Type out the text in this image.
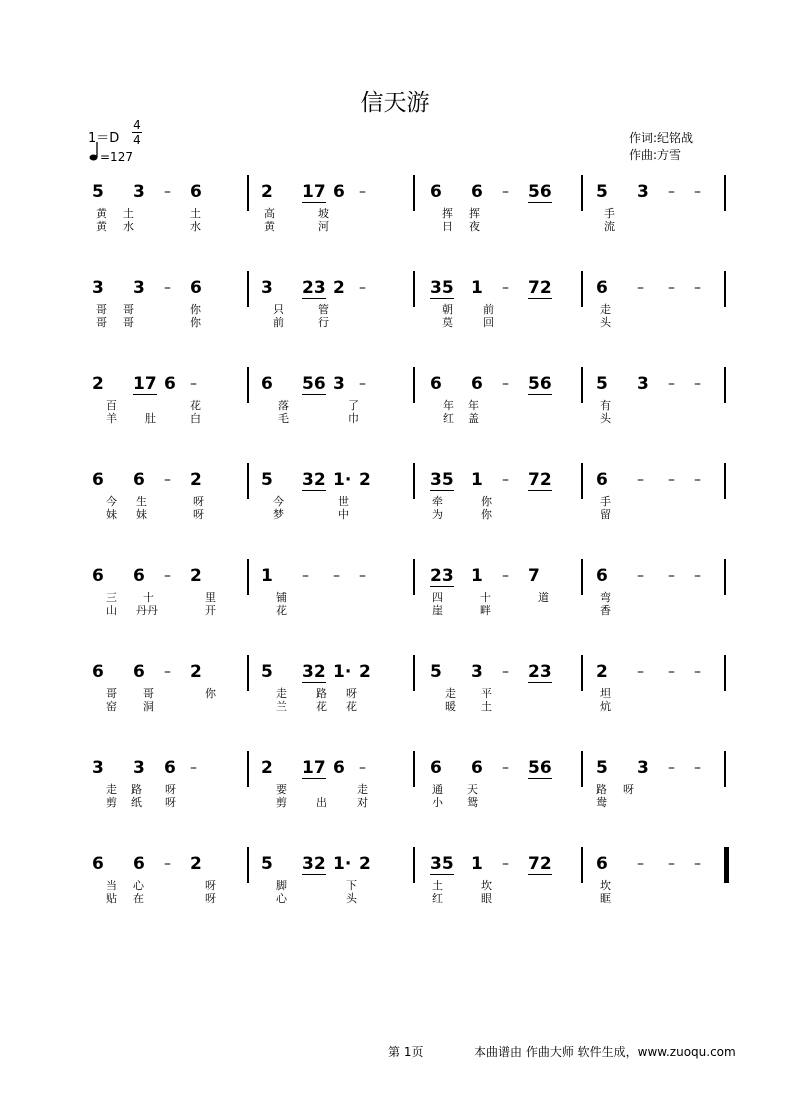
信天游
1＝D
4
4
=127
作词:纪铭战
作曲:方雪
5 3 – 6	2 17 6 –	6 6 – 56	5 3 – –
黄 土	土	高	坡	挥 挥	手
黄 水	水	黄	河	日 夜	流
3 3 – 6	3 23 2 –	35 1 – 72	6 – – –
哥 哥	你	只	管	朝	前	走
哥 哥	你	前	行	莫	回	头
2 17 6 –	6 56 3 –	6 6 – 56	5 3 – –
百	花	落	了	年 年	有
羊	肚	白	毛	巾	红 盖	头
6 6 – 2	5 32 1· 2	35 1 – 72	6 – – –
今 生	呀	今	世	牵	你	手
妹 妹	呀	梦	中	为	你	留
6 6 – 2	1 – – –	23 1 – 7	6 – – –
三 十	里	铺	四	十	道	弯
山 丹丹	开	花	崖	畔	香
6 6 – 2	5 32 1· 2	5 3 – 23	2 – – –
哥 哥	你	走	路 呀	走 平	坦
窑 洞	兰	花 花	暖 土	炕
3 3 6 –	2 17 6 –	6 6 – 56	5 3 – –
走 路 呀	要	走	通 天	路 呀
剪 纸 呀	剪	出	对	小 鸳	鸯
6 6 – 2	5 32 1· 2	35 1 – 72	6 – – –
当 心	呀	脚	下	土	坎	坎
贴 在	呀	心	头	红	眼	眶
第 1页	本曲谱由 作曲大师 软件生成，www.zuoqu.com
